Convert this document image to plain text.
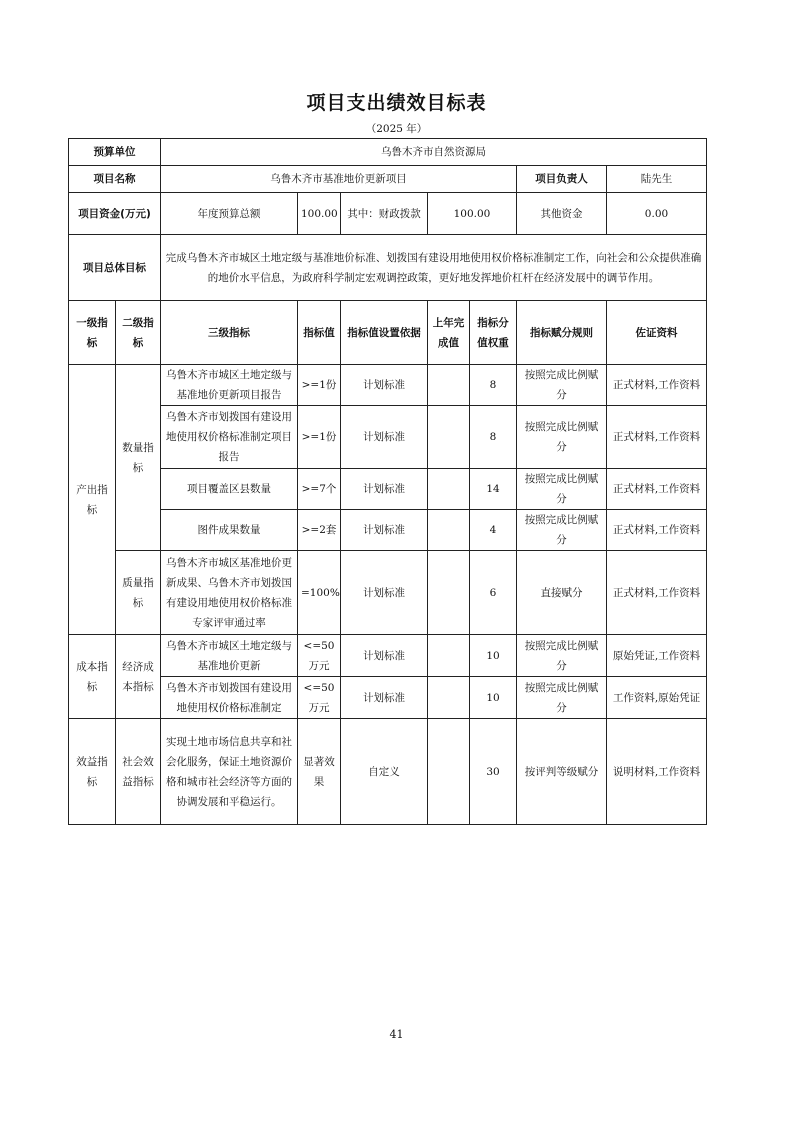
项目支出绩效目标表
（2025 年）
预算单位		乌鲁木齐市自然资源局						
项目名称		乌鲁木齐市基准地价更新项目					项目负责人	陆先生
项目资金(万元)		年度预算总额	100.00	其中：财政拨款	100.00		其他资金	0.00
项目总体目标		完成乌鲁木齐市城区土地定级与基准地价标准、划拨国有建设用地使用权价格标准制定工作，向社会和公众提供准确的地价水平信息，为政府科学制定宏观调控政策，更好地发挥地价杠杆在经济发展中的调节作用。						
一级指标	二级指标	三级指标	指标值	指标值设置依据	上年完成值	指标分值权重	指标赋分规则	佐证资料
产出指标	数量指标	乌鲁木齐市城区土地定级与基准地价更新项目报告	>=1份	计划标准		8	按照完成比例赋分	正式材料,工作资料
		乌鲁木齐市划拨国有建设用地使用权价格标准制定项目报告	>=1份	计划标准		8	按照完成比例赋分	正式材料,工作资料
		项目覆盖区县数量	>=7个	计划标准		14	按照完成比例赋分	正式材料,工作资料
		图件成果数量	>=2套	计划标准		4	按照完成比例赋分	正式材料,工作资料
	质量指标	乌鲁木齐市城区基准地价更新成果、乌鲁木齐市划拨国有建设用地使用权价格标准专家评审通过率	=100%	计划标准		6	直接赋分	正式材料,工作资料
成本指标	经济成本指标	乌鲁木齐市城区土地定级与基准地价更新	<=50万元	计划标准		10	按照完成比例赋分	原始凭证,工作资料
		乌鲁木齐市划拨国有建设用地使用权价格标准制定	<=50万元	计划标准		10	按照完成比例赋分	工作资料,原始凭证
效益指标	社会效益指标	实现土地市场信息共享和社会化服务，保证土地资源价格和城市社会经济等方面的协调发展和平稳运行。	显著效果	自定义		30	按评判等级赋分	说明材料,工作资料
41
